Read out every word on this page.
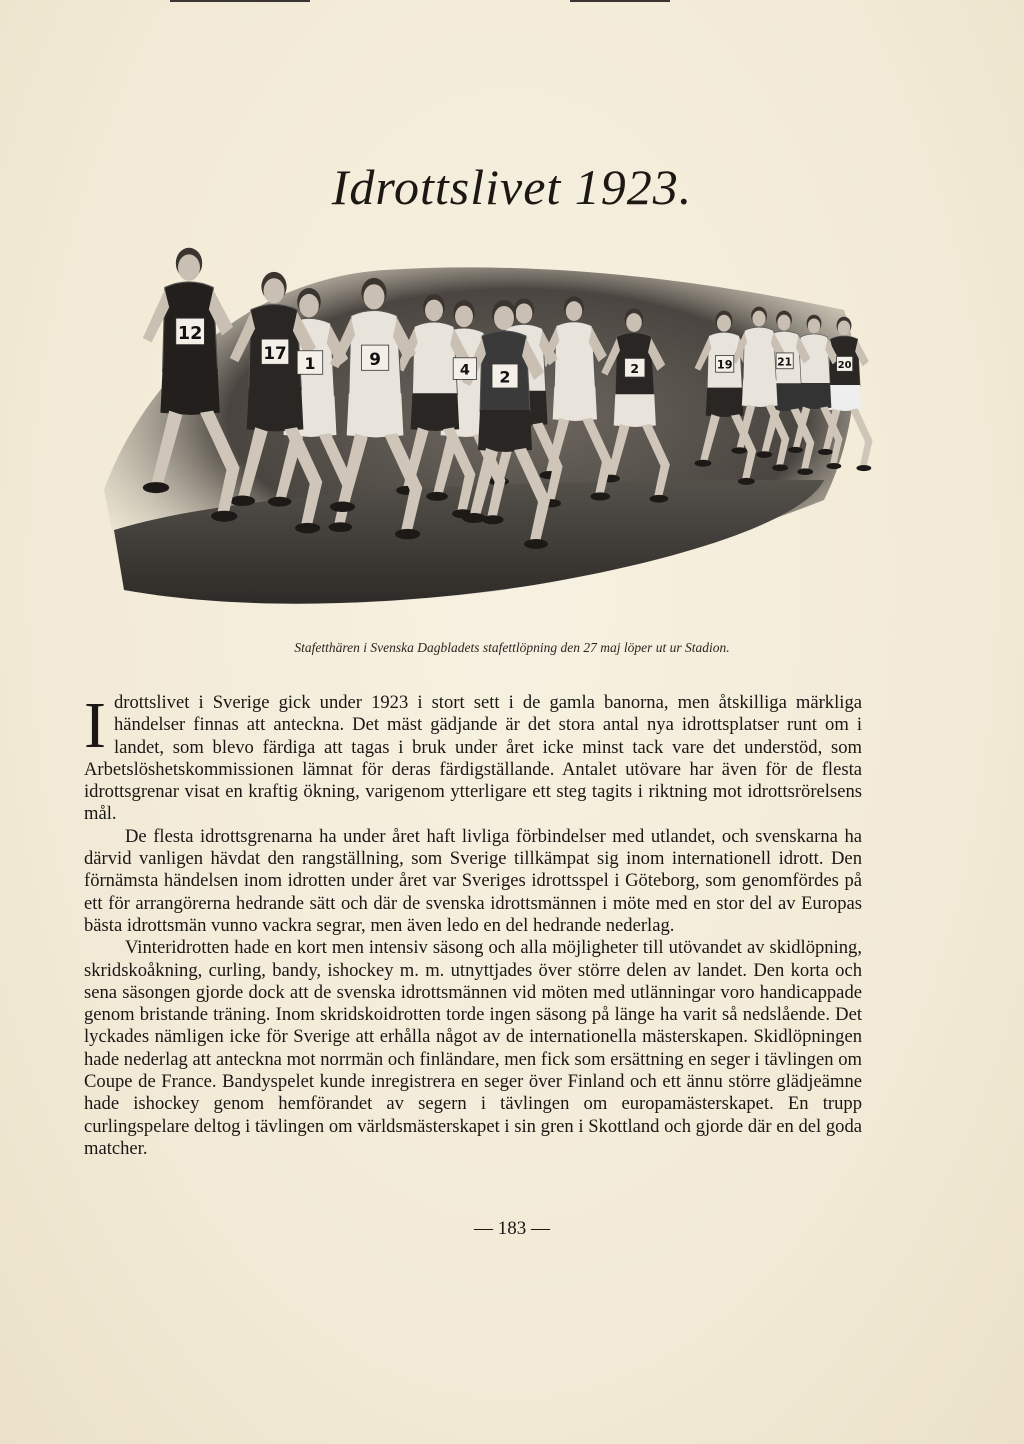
Idrottslivet 1923.
12
17	9
1	4 2	2	19	21	20
Stafetthären i Svenska Dagbladets stafettlöpning den 27 maj löper ut ur Stadion.

Idrottslivet i Sverige gick under 1923 i stort sett i de gamla banorna, men åtskilliga märkliga händelser finnas att anteckna. Det mäst gädjande är det stora antal nya idrottsplatser runt om i landet, som blevo färdiga att tagas i bruk under året icke minst tack vare det understöd, som Arbetslöshetskommissionen lämnat för deras färdigställande. Antalet utövare har även för de flesta idrottsgrenar visat en kraftig ökning, varigenom ytterligare ett steg tagits i riktning mot idrottsrörelsens mål.

De flesta idrottsgrenarna ha under året haft livliga förbindelser med utlandet, och svenskarna ha därvid vanligen hävdat den rangställning, som Sverige tillkämpat sig inom internationell idrott. Den förnämsta händelsen inom idrotten under året var Sveriges idrottsspel i Göteborg, som genomfördes på ett för arrangörerna hedrande sätt och där de svenska idrottsmännen i möte med en stor del av Europas bästa idrottsmän vunno vackra segrar, men även ledo en del hedrande nederlag.

Vinteridrotten hade en kort men intensiv säsong och alla möjligheter till utövandet av skidlöpning, skridskoåkning, curling, bandy, ishockey m. m. utnyttjades över större delen av landet. Den korta och sena säsongen gjorde dock att de svenska idrottsmännen vid möten med utlänningar voro handicappade genom bristande träning. Inom skridskoidrotten torde ingen säsong på länge ha varit så nedslående. Det lyckades nämligen icke för Sverige att erhålla något av de internationella mästerskapen. Skidlöpningen hade nederlag att anteckna mot norrmän och finländare, men fick som ersättning en seger i tävlingen om Coupe de France. Bandyspelet kunde inregistrera en seger över Finland och ett ännu större glädjeämne hade ishockey genom hemförandet av segern i tävlingen om europamästerskapet. En trupp curlingspelare deltog i tävlingen om världsmästerskapet i sin gren i Skottland och gjorde där en del goda matcher.

— 183 —
